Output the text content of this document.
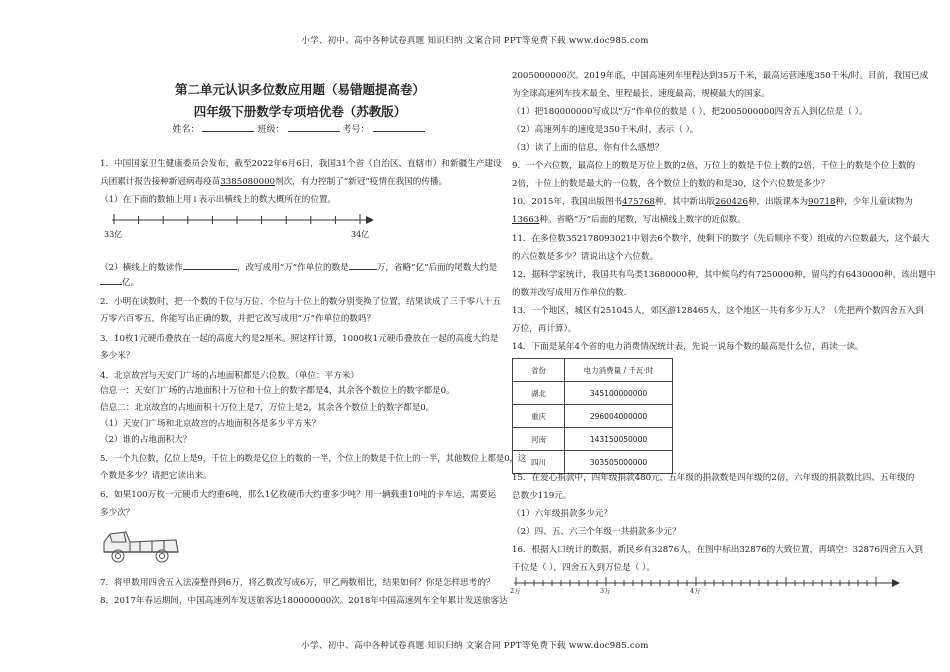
小学、初中、高中各种试卷真题 知识归纳 文案合同 PPT等免费下载 www.doc985.com
第二单元认识多位数应用题（易错题提高卷）
四年级下册数学专项培优卷（苏教版）
姓名：	班级：	考号：
1．中国国家卫生健康委员会发布，截至2022年6月6日，我国31个省（自治区、直辖市）和新疆生产建设
兵团累计报告接种新冠病毒疫苗3385080000剂次，有力控制了“新冠”疫情在我国的传播。
（1）在下面的数轴上用↓表示出横线上的数大概所在的位置。
33亿	34亿
（2）横线上的数读作	，改写成用“万”作单位的数是	万，省略“亿”后面的尾数大约是
亿。
2．小明在读数时，把一个数的千位与万位、个位与十位上的数分别变换了位置，结果读成了三千零八十五
万零六百零五，你能写出正确的数，并把它改写成用“万”作单位的数吗？
3．10枚1元硬币叠放在一起的高度大约是2厘米。照这样计算，1000枚1元硬币叠放在一起的高度大约是
多少米？
4．北京故宫与天安门广场的占地面积都是六位数。（单位：平方米）
信息一：天安门广场的占地面积十万位和十位上的数字都是4，其余各个数位上的数字都是0。
信息二：北京故宫的占地面积十万位上是7，万位上是2，其余各个数位上的数字都是0。
（1）天安门广场和北京故宫的占地面积各是多少平方米？
（2）谁的占地面积大？
5．一个九位数，亿位上是9，千位上的数是亿位上的数的一半，个位上的数是千位上的一半，其他数位上都是0，这
个数是多少？请把它读出来。
6．如果100万枚一元硬币大约重6吨，那么1亿枚硬币大约重多少吨？用一辆载重10吨的卡车运，需要运
多少次？
7．将甲数用四舍五入法凑整得到6万，将乙数改写成6万，甲乙两数相比，结果如何？你是怎样思考的？
8．2017年春运期间，中国高速列车发送旅客达180000000次。2018年中国高速列车全年累计发送旅客达
2005000000次。2019年底，中国高速列车里程达到35万千米，最高运营速度350千米/时。目前，我国已成
为全球高速列车技术最全、里程最长、速度最高、规模最大的国家。
（1）把180000000写成以“万”作单位的数是（ ），把2005000000四舍五入到亿位是（ ）。
（2）高速列车的速度是350千米/时，表示（ ）。
（3）读了上面的信息，你有什么感想？
9．一个六位数，最高位上的数是万位上数的2倍，万位上的数是千位上数的2倍，千位上的数是个位上数的
2倍，十位上的数是最大的一位数，各个数位上的数的和是30，这个六位数是多少？
10．2015年，我国出版图书475768种，其中新出版260426种，出版课本为90718种，少年儿童读物为
13663种。省略“万”后面的尾数，写出横线上数字的近似数。
11．在多位数352178093021中划去6个数字，使剩下的数字（先后顺序不变）组成的六位数最大，这个最大
的六位数是多少？请说出这个六位数。
12．据科学家统计，我国共有鸟类13680000种，其中候鸟约有7250000种，留鸟约有6430000种。该出题中
的数并改写成用万作单位的数.
13．一个地区，城区有251045人，郊区游128465人，这个地区一共有多少万人？（先把两个数四舍五入到
万位，再计算）。
14．下面是某年4个省的电力消费情况统计表，先说一说每个数的最高是什么位，再读一读。
省份	电力消费量 / 千瓦·时
湖北	345100000000
重庆	296004000000
河南	143150050000
四川	303505000000
15．在爱心捐款中，四年级捐款480元，五年级的捐款数是四年级的2倍，六年级的捐款数比四、五年级的
总数少119元。
（1）六年级捐款多少元？
（2）四、五、六三个年级一共捐款多少元？
16．根据人口统计的数据，新民乡有32876人，在图中标出32876的大致位置，再填空：32876四舍五入到
千位是（ ），四舍五入到万位是（ ）。
2万	3万	4万
小学、初中、高中各种试卷真题 知识归纳 文案合同 PPT等免费下载 www.doc985.com
